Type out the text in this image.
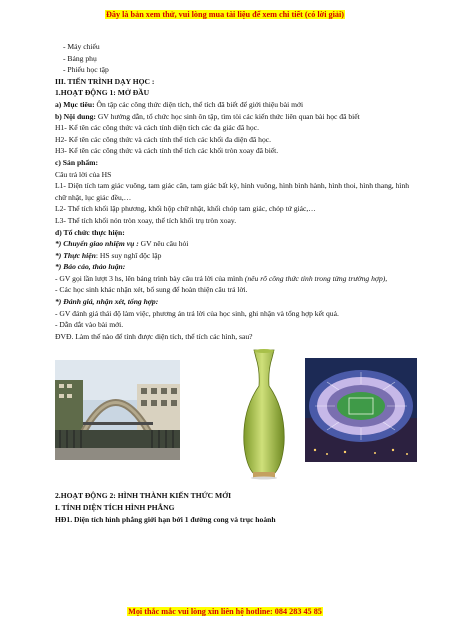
Đây là bản xem thử, vui lòng mua tài liệu để xem chi tiết (có lời giải)

- Máy chiếu

- Bảng phụ

- Phiếu học tập

III. TIẾN TRÌNH DẠY HỌC :

1.HOẠT ĐỘNG 1: MỞ ĐẦU

a) Mục tiêu: Ôn tập các công thức diện tích, thể tích đã biết để giới thiệu bài mới

b) Nội dung: GV hướng dẫn, tổ chức học sinh ôn tập, tìm tòi các kiến thức liên quan bài học đã biết

H1- Kể tên các công thức và cách tính diện tích các đa giác đã học.

H2- Kể tên các công thức và cách tính thể tích các khối đa diện đã học.

H3- Kể tên các công thức và cách tính thể tích các khối tròn xoay đã biết.

c) Sản phẩm:

Câu trả lời của HS

L1- Diện tích tam giác vuông, tam giác cân, tam giác bất kỳ, hình vuông, hình bình hành, hình thoi, hình thang, hình chữ nhật, lục giác đều,…

L2- Thể tích khối lập phương, khối hộp chữ nhật, khối chóp tam giác, chóp tứ giác,…

L3- Thể tích khối nón tròn xoay, thể tích khối trụ tròn xoay.

d) Tổ chức thực hiện:

*) Chuyển giao nhiệm vụ : GV nêu câu hỏi

*) Thực hiện: HS suy nghĩ độc lập

*) Báo cáo, thảo luận:

- GV gọi lần lượt 3 hs, lên bảng trình bày câu trả lời của mình (nêu rõ công thức tính trong từng trường hợp),

- Các học sinh khác nhận xét, bổ sung để hoàn thiện câu trả lời.

*) Đánh giá, nhận xét, tổng hợp:

- GV đánh giá thái độ làm việc, phương án trả lời của học sinh, ghi nhận và tổng hợp kết quả.

- Dẫn dắt vào bài mới.

ĐVĐ. Làm thế nào để tính được diện tích, thể tích các hình, sau?

2.HOẠT ĐỘNG 2: HÌNH THÀNH KIẾN THỨC MỚI

I. TÍNH DIỆN TÍCH HÌNH PHẲNG

HĐ1. Diện tích hình phẳng giới hạn bởi 1 đường cong và trục hoành

Mọi thắc mắc vui lòng xin liên hệ hotline: 084 283 45 85
